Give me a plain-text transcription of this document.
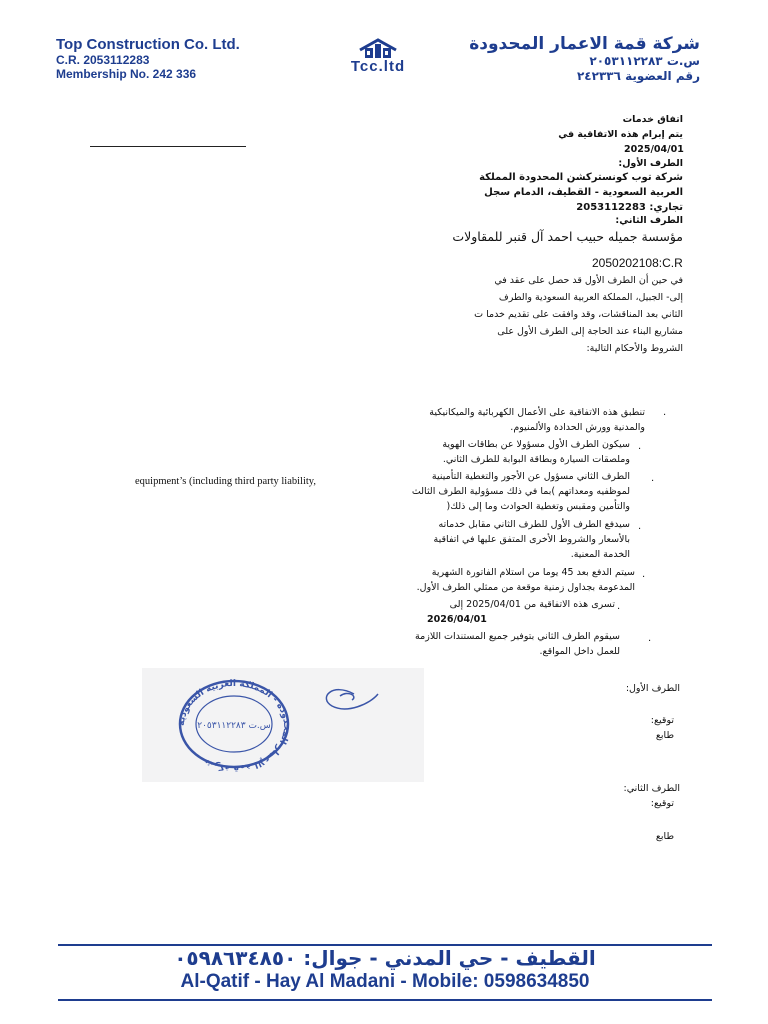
Top Construction Co. Ltd.
C.R. 2053112283
Membership No. 242 336	Tcc.ltd
شركة قمة الاعمار المحدودة
س.ت ٢٠٥٣١١٢٢٨٣
رقم العضوية ٢٤٢٣٣٦
اتفاق خدمات
يتم إبرام هذه الاتفاقية في
2025/04/01
الطرف الأول:
شركة توب كونستركشن المحدودة المملكة
العربية السعودية - القطيف، الدمام سجل
تجاري: 2053112283
الطرف الثاني:
مؤسسة جميله حبيب احمد آل قنبر للمقاولات
2050202108:C.R
في حين أن الطرف الأول قد حصل على عقد في
إلى- الجبيل، المملكة العربية السعودية والطرف
الثاني بعد المناقشات، وقد وافقت على تقديم خدما ت
مشاريع البناء عند الحاجة إلى الطرف الأول على
الشروط والأحكام التالية:
equipment’s (including third party liability,
تنطبق هذه الاتفاقية على الأعمال الكهربائية والميكانيكية
والمدنية وورش الحدادة والألمنيوم.
.
سيكون الطرف الأول مسؤولا عن بطاقات الهوية
وملصقات السيارة وبطاقة البوابة للطرف الثاني.
.
الطرف الثاني مسؤول عن الأجور والتغطية التأمينية
لموظفيه ومعداتهم )بما في ذلك مسؤولية الطرف الثالث
والتأمين ومقبس وتغطية الحوادث وما إلى ذلك(
.
سيدفع الطرف الأول للطرف الثاني مقابل خدماته
بالأسعار والشروط الأخرى المتفق عليها في اتفاقية
الخدمة المعنية.
.
سيتم الدفع بعد 45 يوما من استلام الفاتورة الشهرية
المدعومة بجداول زمنية موقعة من ممثلي الطرف الأول.
.
تسرى هذه الاتفاقية من 2025/04/01 إلى
2026/04/01
.
سيقوم الطرف الثاني بتوفير جميع المستندات اللازمة
للعمل داخل المواقع.
.
شركة قمة الإعمار المحدودة - المملكة العربية السعودية
س.ت ٢٠٥٣١١٢٢٨٣
الطرف الأول:
توقيع:
طابع
الطرف الثاني:
توقيع:
طابع
القطيف - حي المدني - جوال: ٠٥٩٨٦٣٤٨٥٠
Al-Qatif - Hay Al Madani - Mobile: 0598634850
